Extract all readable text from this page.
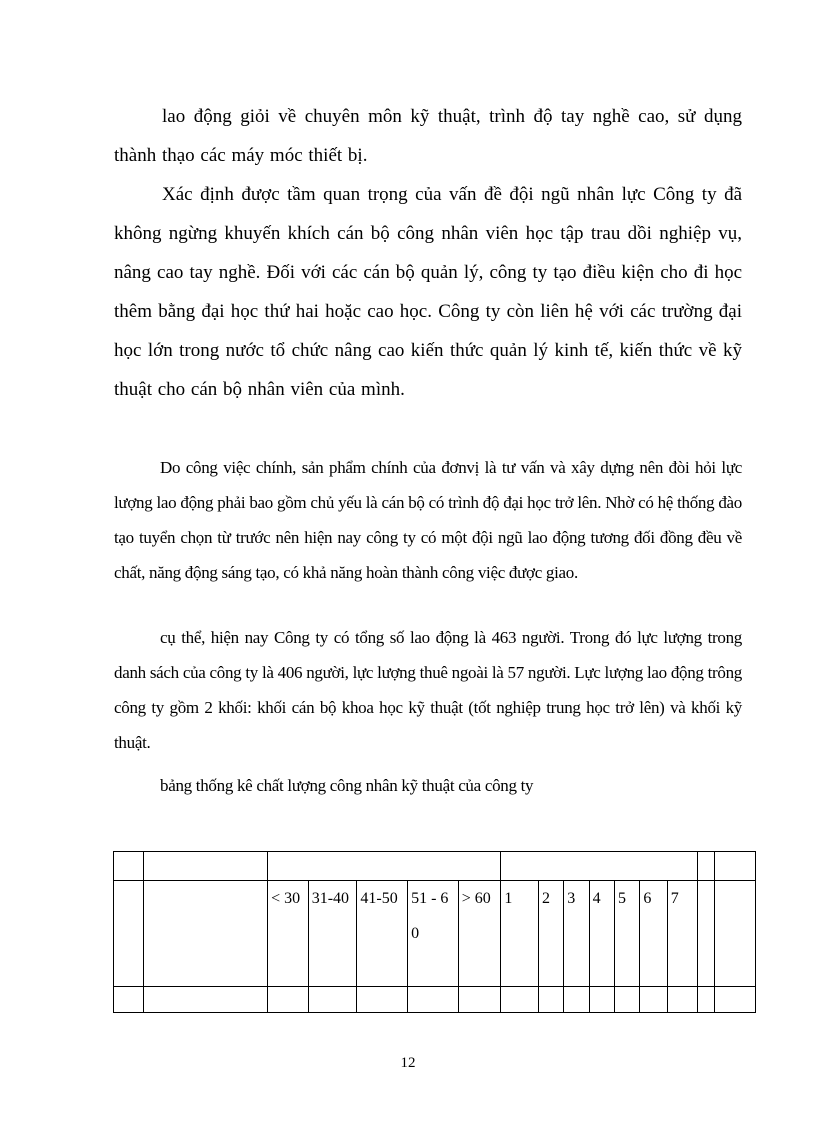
lao động giỏi về chuyên môn kỹ thuật, trình độ tay nghề cao, sử dụng thành thạo các máy móc thiết bị.

Xác định được tầm quan trọng của vấn đề đội ngũ nhân lực Công ty đã không ngừng khuyến khích cán bộ công nhân viên học tập trau dồi nghiệp vụ, nâng cao tay nghề. Đối với các cán bộ quản lý, công ty tạo điều kiện cho đi học thêm bằng đại học thứ hai hoặc cao học. Công ty còn liên hệ với các trường đại học lớn trong nước tổ chức nâng cao kiến thức quản lý kinh tế, kiến thức về kỹ thuật cho cán bộ nhân viên của mình.

Do công việc chính, sản phẩm chính của đơnvị là tư vấn và xây dựng nên đòi hỏi lực lượng lao động phải bao gồm chủ yếu là cán bộ có trình độ đại học trở lên. Nhờ có hệ thống đào tạo tuyển chọn từ trước nên hiện nay công ty có một đội ngũ lao động tương đối đồng đều về chất, năng động sáng tạo, có khả năng hoàn thành công việc được giao.

cụ thể, hiện nay Công ty có tổng số lao động là 463 người. Trong đó lực lượng trong danh sách của công ty là 406 người, lực lượng thuê ngoài là 57 người. Lực lượng lao động trông công ty gồm 2 khối: khối cán bộ khoa học kỹ thuật (tốt nghiệp trung học trở lên) và khối kỹ thuật.

bảng thống kê chất lượng công nhân kỹ thuật của công ty

		< 30	31-40	41-50	51 - 60	> 60	1	2	3	4	5	6	7		

12
